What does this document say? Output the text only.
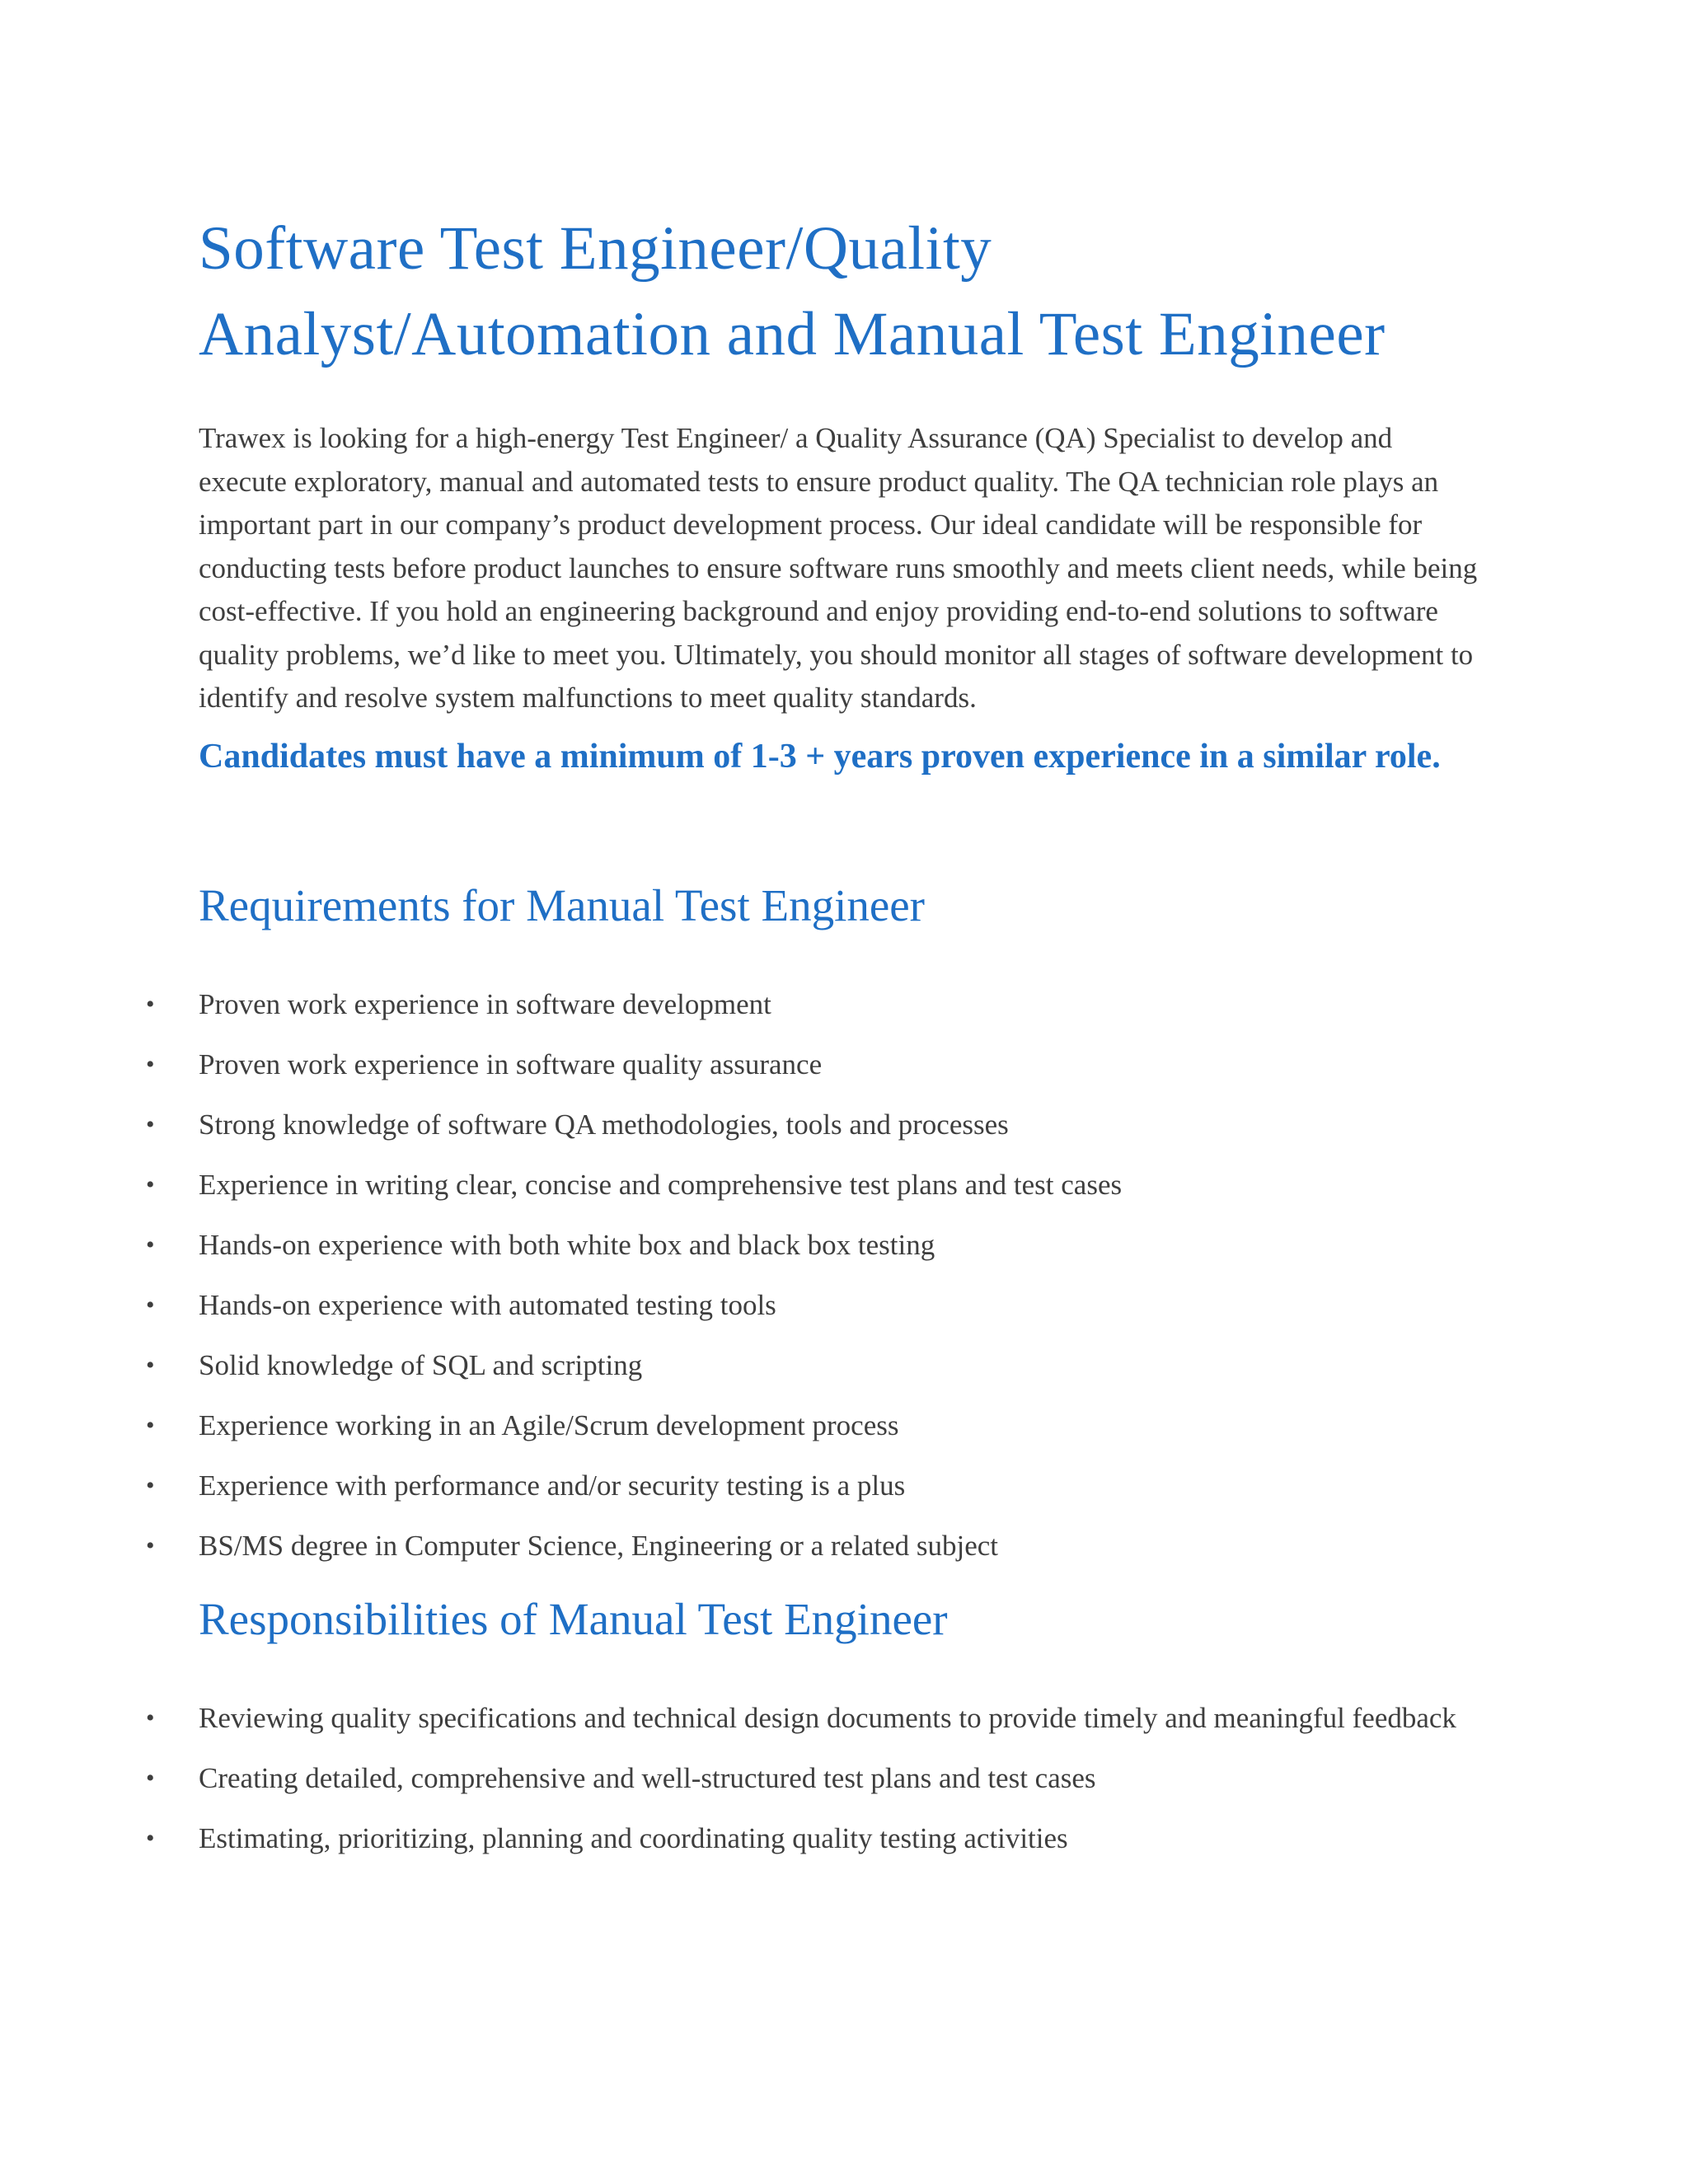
Software Test Engineer/Quality
Analyst/Automation and Manual Test Engineer

Trawex is looking for a high-energy Test Engineer/ a Quality Assurance (QA) Specialist to develop and execute exploratory, manual and automated tests to ensure product quality. The QA technician role plays an important part in our company’s product development process. Our ideal candidate will be responsible for conducting tests before product launches to ensure software runs smoothly and meets client needs, while being cost-effective. If you hold an engineering background and enjoy providing end-to-end solutions to software quality problems, we’d like to meet you. Ultimately, you should monitor all stages of software development to identify and resolve system malfunctions to meet quality standards.

Candidates must have a minimum of 1-3 + years proven experience in a similar role.

Requirements for Manual Test Engineer
• Proven work experience in software development
• Proven work experience in software quality assurance
• Strong knowledge of software QA methodologies, tools and processes
• Experience in writing clear, concise and comprehensive test plans and test cases
• Hands-on experience with both white box and black box testing
• Hands-on experience with automated testing tools
• Solid knowledge of SQL and scripting
• Experience working in an Agile/Scrum development process
• Experience with performance and/or security testing is a plus
• BS/MS degree in Computer Science, Engineering or a related subject
Responsibilities of Manual Test Engineer
• Reviewing quality specifications and technical design documents to provide timely and meaningful feedback
• Creating detailed, comprehensive and well-structured test plans and test cases
• Estimating, prioritizing, planning and coordinating quality testing activities
